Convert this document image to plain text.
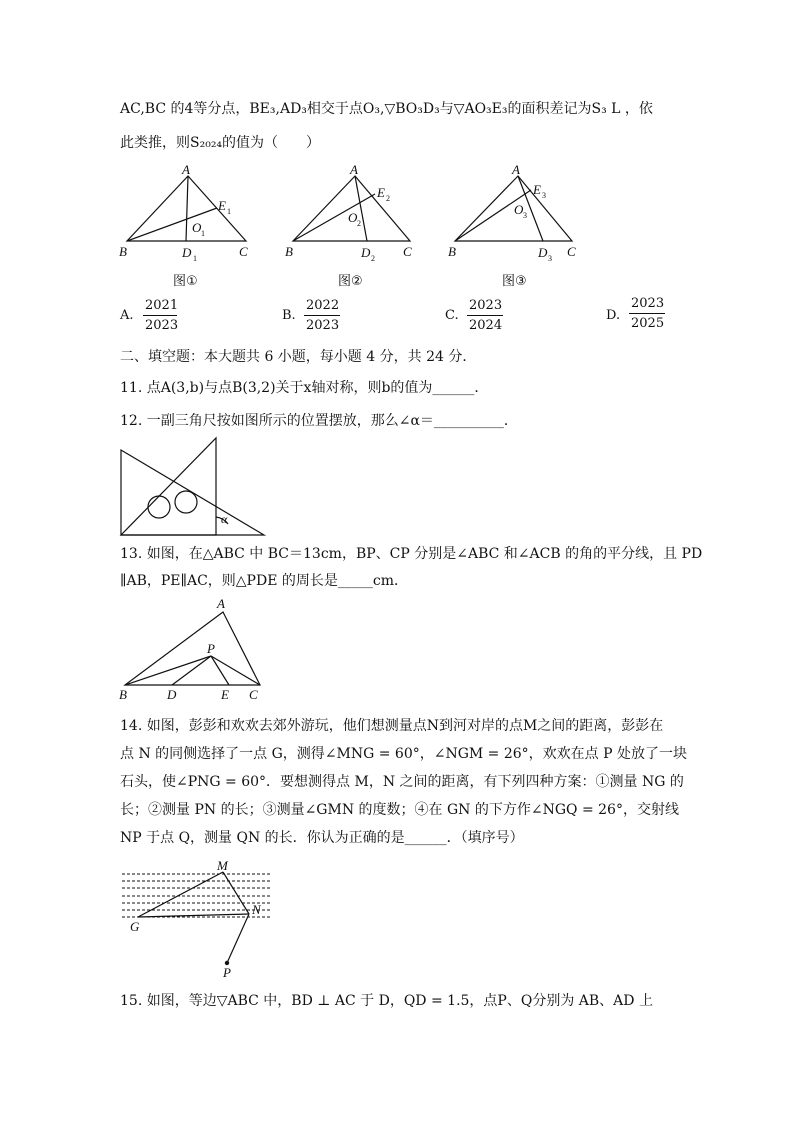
AC,BC 的4等分点，BE₃,AD₃相交于点O₃,▽BO₃D₃与▽AO₃E₃的面积差记为S₃ L ，依
此类推，则S₂₀₂₄的值为（　　）
A
B	C
D 1
E 1
O 1
图①
A
B	C
D 2
E 2
O 2
图②
A
B	C
D 3
E 3
O 3
图③
A.
2021
2023
B.
2022
2023
C.
2023
2024
D.
2023
2025
二、填空题：本大题共 6 小题，每小题 4 分，共 24 分．
11. 点A(3,b)与点B(3,2)关于x轴对称，则b的值为______．
12. 一副三角尺按如图所示的位置摆放，那么∠α＝__________．
α
13. 如图，在△ABC 中 BC＝13cm，BP、CP 分别是∠ABC 和∠ACB 的角的平分线，且 PD
∥AB，PE∥AC，则△PDE 的周长是_____cm．
A
P
B	D	E C
14. 如图，彭彭和欢欢去郊外游玩，他们想测量点N到河对岸的点M之间的距离，彭彭在
点 N 的同侧选择了一点 G，测得∠MNG = 60°，∠NGM = 26°，欢欢在点 P 处放了一块
石头，使∠PNG = 60°．要想测得点 M，N 之间的距离，有下列四种方案：①测量 NG 的
长；②测量 PN 的长；③测量∠GMN 的度数；④在 GN 的下方作∠NGQ = 26°，交射线
NP 于点 Q，测量 QN 的长．你认为正确的是______．（填序号）
M
N
G
P
15. 如图，等边▽ABC 中，BD ⊥ AC 于 D，QD = 1.5，点P、Q分别为 AB、AD 上
